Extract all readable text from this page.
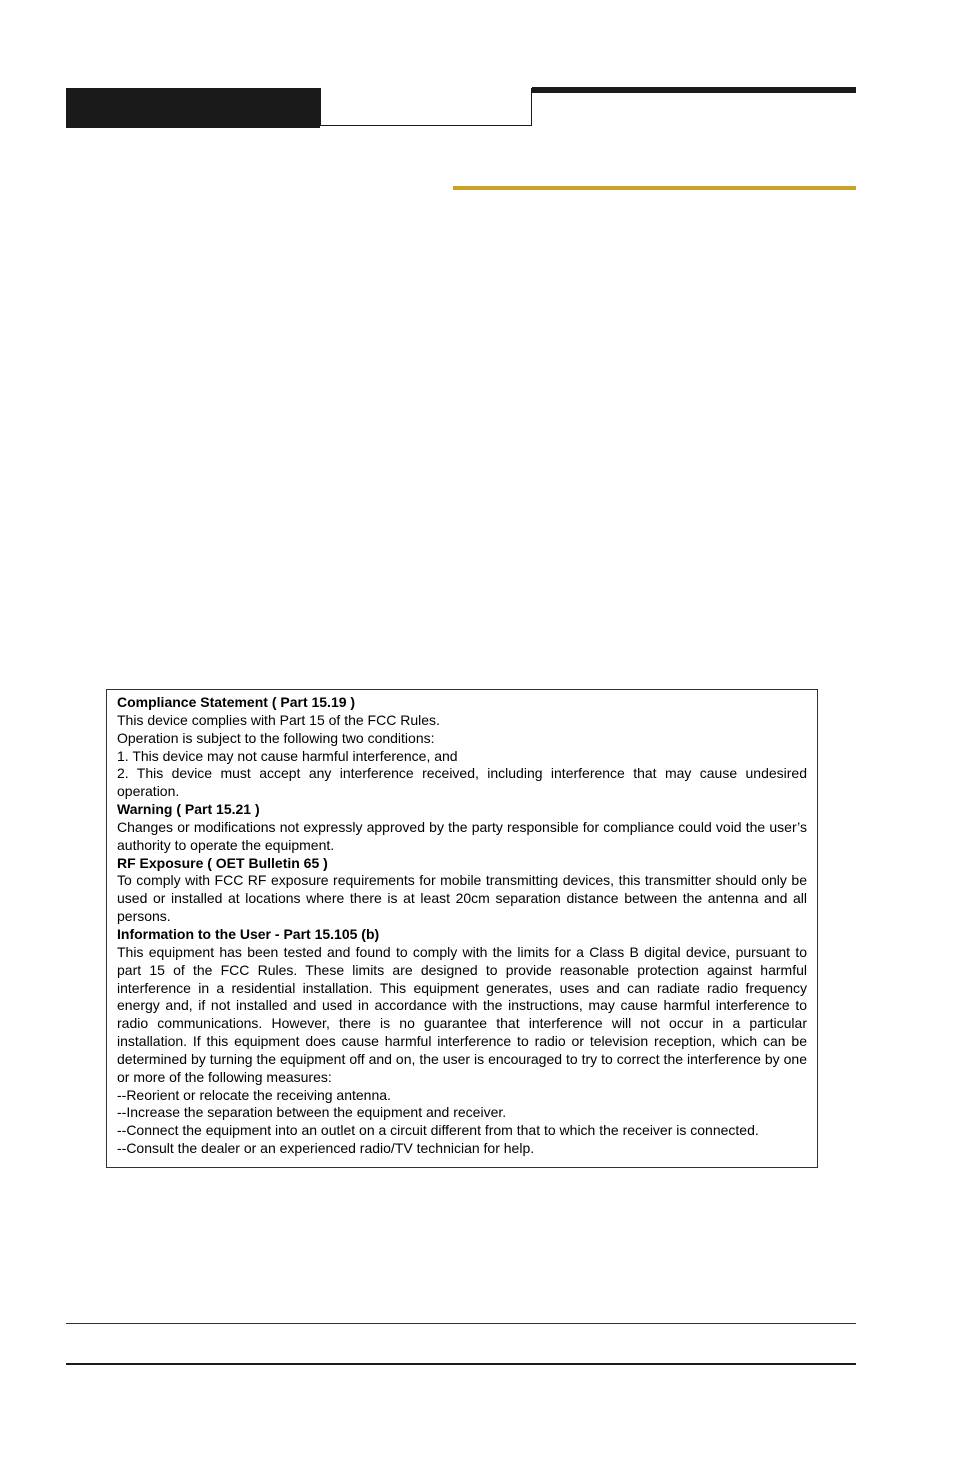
Compliance Statement ( Part 15.19 )
This device complies with Part 15 of the FCC Rules.
Operation is subject to the following two conditions:
1. This device may not cause harmful interference, and
2. This device must accept any interference received, including interference that may cause undesired operation.
Warning ( Part 15.21 )
Changes or modifications not expressly approved by the party responsible for compliance could void the user’s authority to operate the equipment.
RF Exposure ( OET Bulletin 65 )
To comply with FCC RF exposure requirements for mobile transmitting devices, this transmitter should only be used or installed at locations where there is at least 20cm separation distance between the antenna and all persons.
Information to the User - Part 15.105 (b)
This equipment has been tested and found to comply with the limits for a Class B digital device, pursuant to part 15 of the FCC Rules. These limits are designed to provide reasonable protection against harmful interference in a residential installation. This equipment generates, uses and can radiate radio frequency energy and, if not installed and used in accordance with the instructions, may cause harmful interference to radio communications. However, there is no guarantee that interference will not occur in a particular installation. If this equipment does cause harmful interference to radio or television reception, which can be determined by turning the equipment off and on, the user is encouraged to try to correct the interference by one or more of the following measures:
--Reorient or relocate the receiving antenna.
--Increase the separation between the equipment and receiver.
--Connect the equipment into an outlet on a circuit different from that to which the receiver is connected.
--Consult the dealer or an experienced radio/TV technician for help.
